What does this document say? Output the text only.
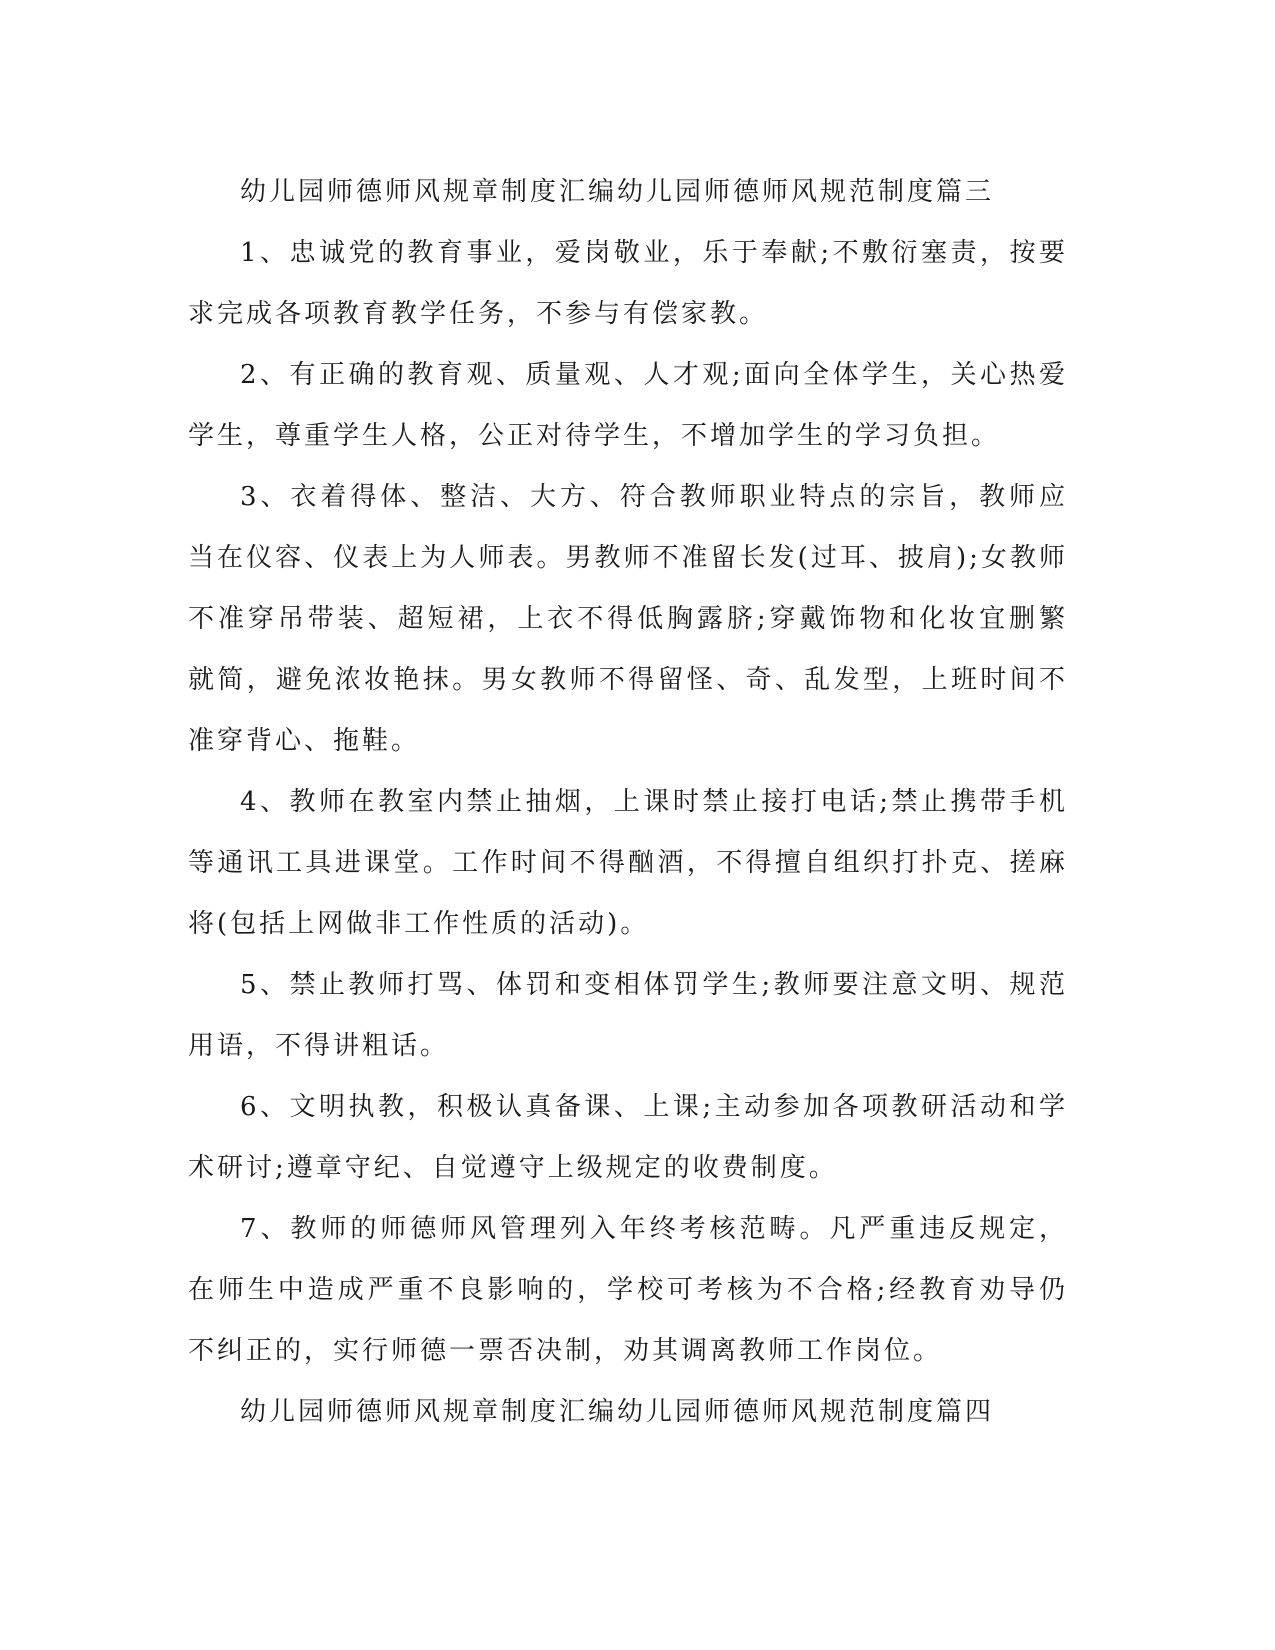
幼儿园师德师风规章制度汇编幼儿园师德师风规范制度篇三

1、忠诚党的教育事业，爱岗敬业，乐于奉献;不敷衍塞责，按要求完成各项教育教学任务，不参与有偿家教。

2、有正确的教育观、质量观、人才观;面向全体学生，关心热爱学生，尊重学生人格，公正对待学生，不增加学生的学习负担。

3、衣着得体、整洁、大方、符合教师职业特点的宗旨，教师应当在仪容、仪表上为人师表。男教师不准留长发(过耳、披肩);女教师不准穿吊带装、超短裙，上衣不得低胸露脐;穿戴饰物和化妆宜删繁就简，避免浓妆艳抹。男女教师不得留怪、奇、乱发型，上班时间不准穿背心、拖鞋。

4、教师在教室内禁止抽烟，上课时禁止接打电话;禁止携带手机等通讯工具进课堂。工作时间不得酗酒，不得擅自组织打扑克、搓麻将(包括上网做非工作性质的活动)。

5、禁止教师打骂、体罚和变相体罚学生;教师要注意文明、规范用语，不得讲粗话。

6、文明执教，积极认真备课、上课;主动参加各项教研活动和学术研讨;遵章守纪、自觉遵守上级规定的收费制度。

7、教师的师德师风管理列入年终考核范畴。凡严重违反规定，在师生中造成严重不良影响的，学校可考核为不合格;经教育劝导仍不纠正的，实行师德一票否决制，劝其调离教师工作岗位。

幼儿园师德师风规章制度汇编幼儿园师德师风规范制度篇四
